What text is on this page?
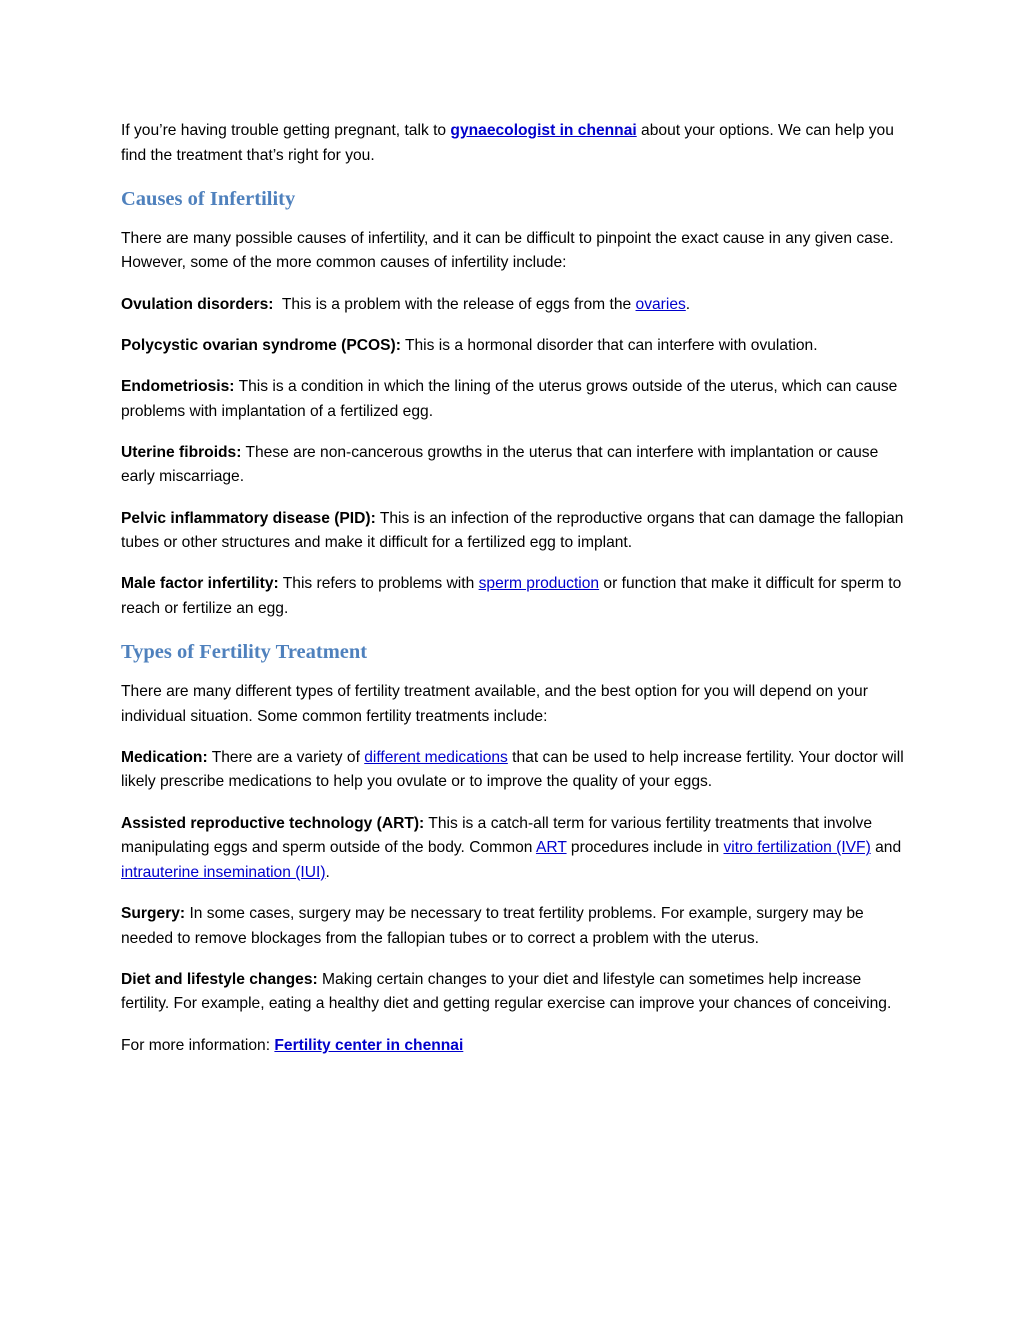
If you’re having trouble getting pregnant, talk to gynaecologist in chennai about your options. We can help you find the treatment that’s right for you.

Causes of Infertility

There are many possible causes of infertility, and it can be difficult to pinpoint the exact cause in any given case. However, some of the more common causes of infertility include:

Ovulation disorders:  This is a problem with the release of eggs from the ovaries.

Polycystic ovarian syndrome (PCOS): This is a hormonal disorder that can interfere with ovulation.

Endometriosis: This is a condition in which the lining of the uterus grows outside of the uterus, which can cause problems with implantation of a fertilized egg.

Uterine fibroids: These are non-cancerous growths in the uterus that can interfere with implantation or cause early miscarriage.

Pelvic inflammatory disease (PID): This is an infection of the reproductive organs that can damage the fallopian tubes or other structures and make it difficult for a fertilized egg to implant.

Male factor infertility: This refers to problems with sperm production or function that make it difficult for sperm to reach or fertilize an egg.

Types of Fertility Treatment

There are many different types of fertility treatment available, and the best option for you will depend on your individual situation. Some common fertility treatments include:

Medication: There are a variety of different medications that can be used to help increase fertility. Your doctor will likely prescribe medications to help you ovulate or to improve the quality of your eggs.

Assisted reproductive technology (ART): This is a catch-all term for various fertility treatments that involve manipulating eggs and sperm outside of the body. Common ART procedures include in vitro fertilization (IVF) and intrauterine insemination (IUI).

Surgery: In some cases, surgery may be necessary to treat fertility problems. For example, surgery may be needed to remove blockages from the fallopian tubes or to correct a problem with the uterus.

Diet and lifestyle changes: Making certain changes to your diet and lifestyle can sometimes help increase fertility. For example, eating a healthy diet and getting regular exercise can improve your chances of conceiving.

For more information: Fertility center in chennai
